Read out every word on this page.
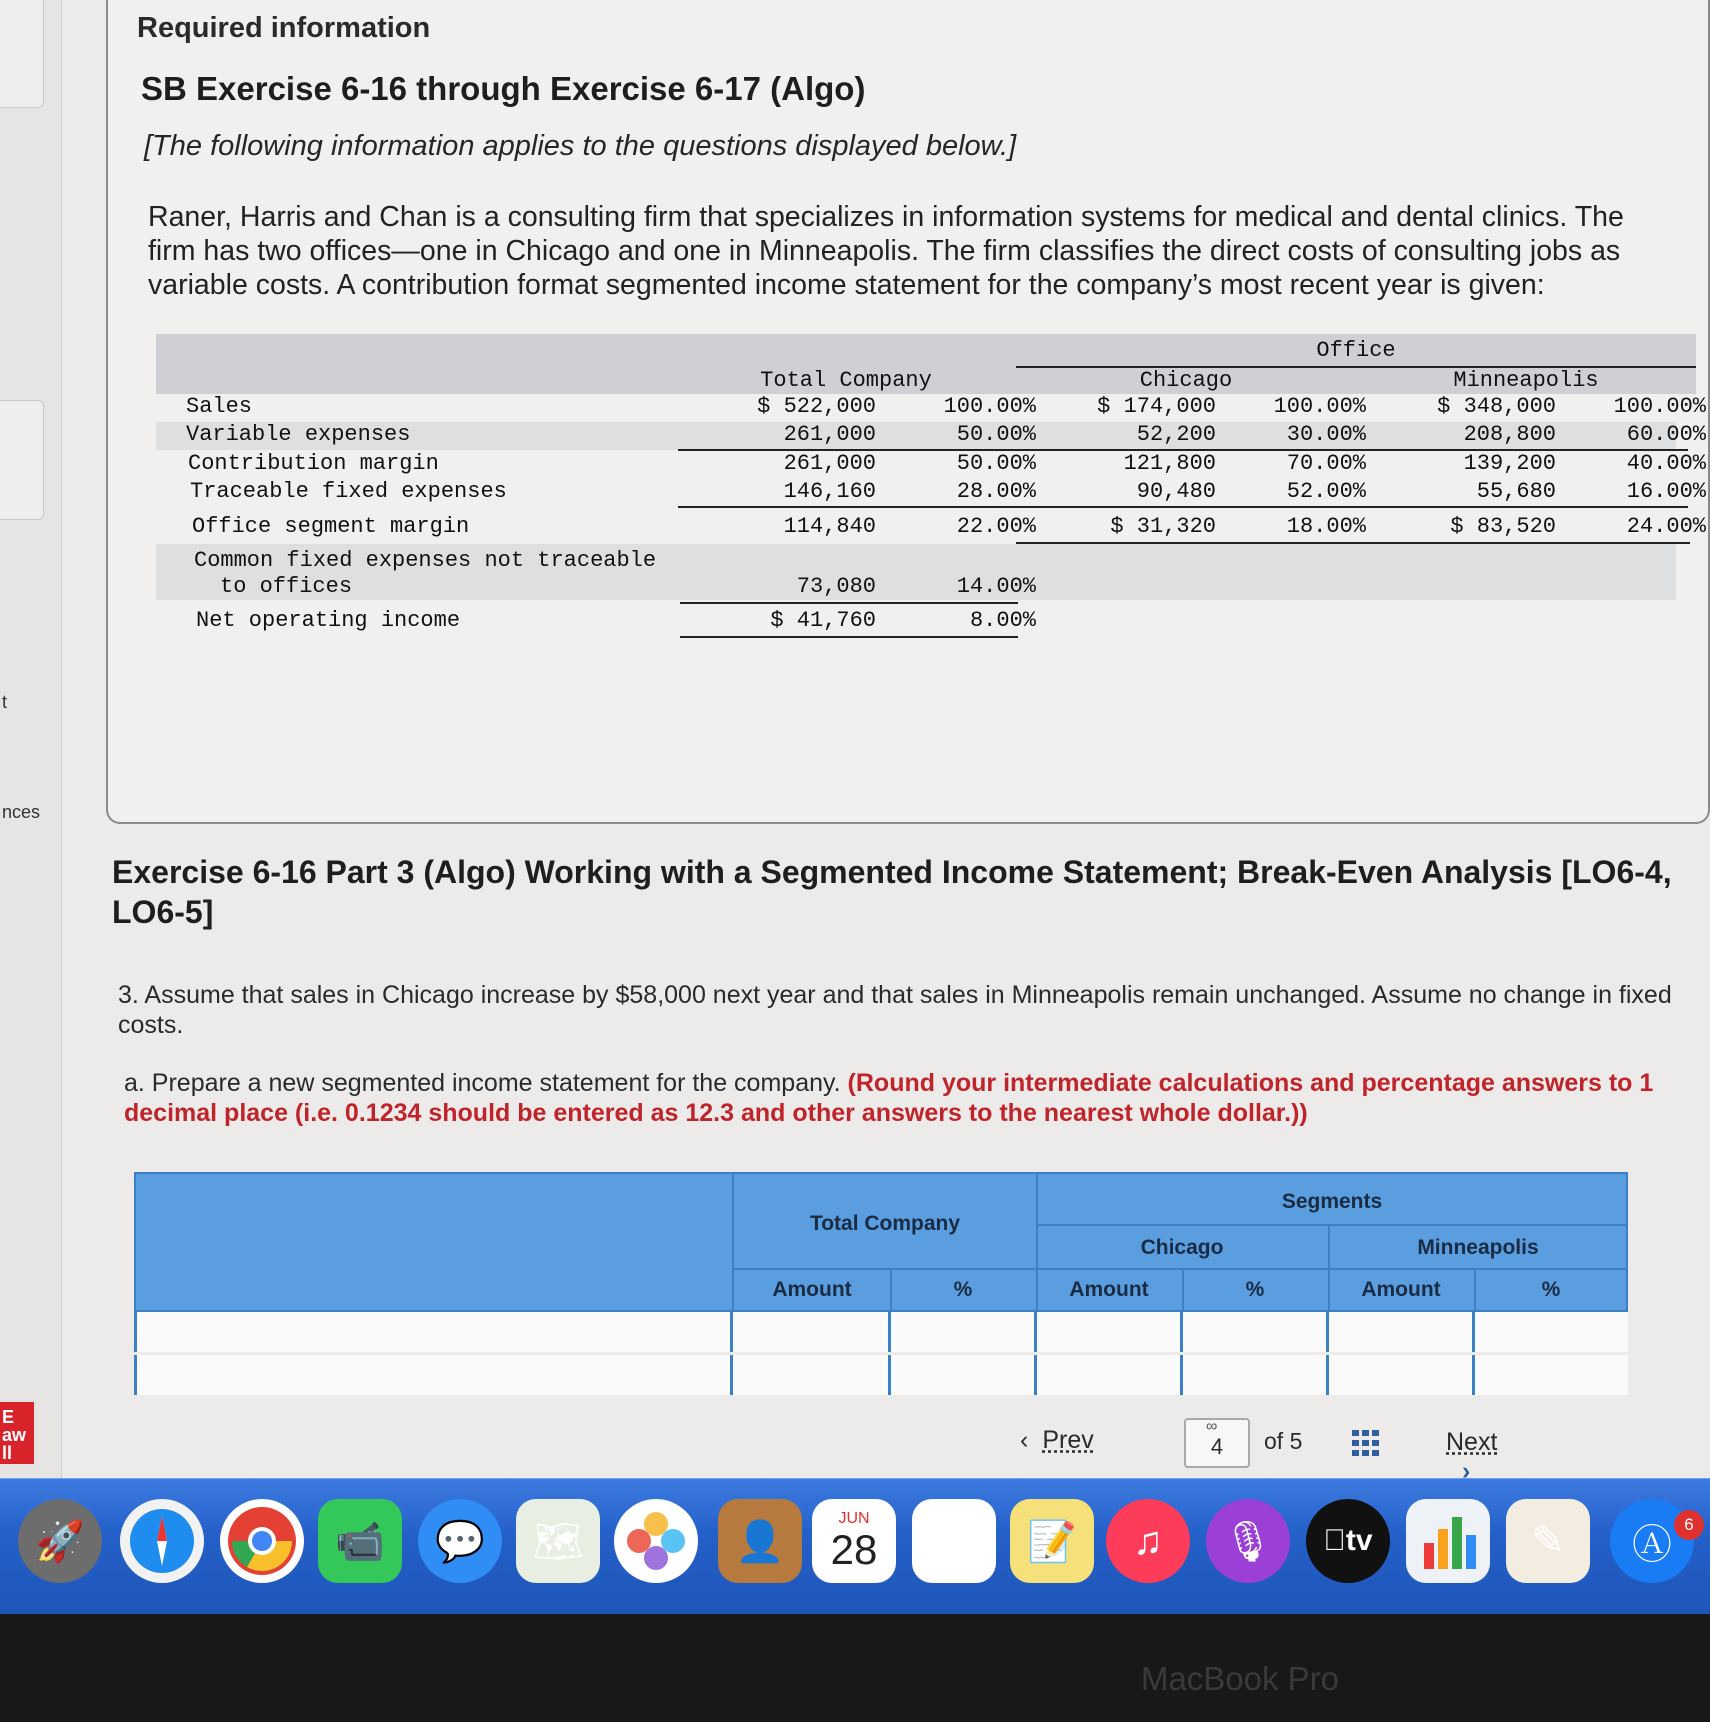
t
nces
E aw ll
Required information
SB Exercise 6-16 through Exercise 6-17 (Algo)
[The following information applies to the questions displayed below.]
Raner, Harris and Chan is a consulting firm that specializes in information systems for medical and dental clinics. The firm has two offices—one in Chicago and one in Minneapolis. The firm classifies the direct costs of consulting jobs as variable costs. A contribution format segmented income statement for the company’s most recent year is given:
Office
Total Company	Chicago	Minneapolis
Sales	$ 522,000	100.00%	$ 174,000	100.00%	$ 348,000	100.00%
Variable expenses	261,000	50.00%	52,200	30.00%	208,800	60.00%
Contribution margin	261,000	50.00%	121,800	70.00%	139,200	40.00%
Traceable fixed expenses	146,160	28.00%	90,480	52.00%	55,680	16.00%
Office segment margin	114,840	22.00%	$ 31,320	18.00%	$ 83,520	24.00%
Common fixed expenses not traceable
to offices	73,080	14.00%
Net operating income	$ 41,760	8.00%
Exercise 6-16 Part 3 (Algo) Working with a Segmented Income Statement; Break-Even Analysis [LO6-4, LO6-5]
3. Assume that sales in Chicago increase by $58,000 next year and that sales in Minneapolis remain unchanged. Assume no change in fixed costs.
a. Prepare a new segmented income statement for the company. (Round your intermediate calculations and percentage answers to 1 decimal place (i.e. 0.1234 should be entered as 12.3 and other answers to the nearest whole dollar.))
Total Company
Segments
Chicago	Minneapolis
Amount	%	Amount	%	Amount	%
‹ Prev	∞
4	of 5	Next›
🚀	📹	💬	🗺	👤
JUN
28	☰	📝	♫	🎙	tv	✎	Ⓐ 6
MacBook Pro
